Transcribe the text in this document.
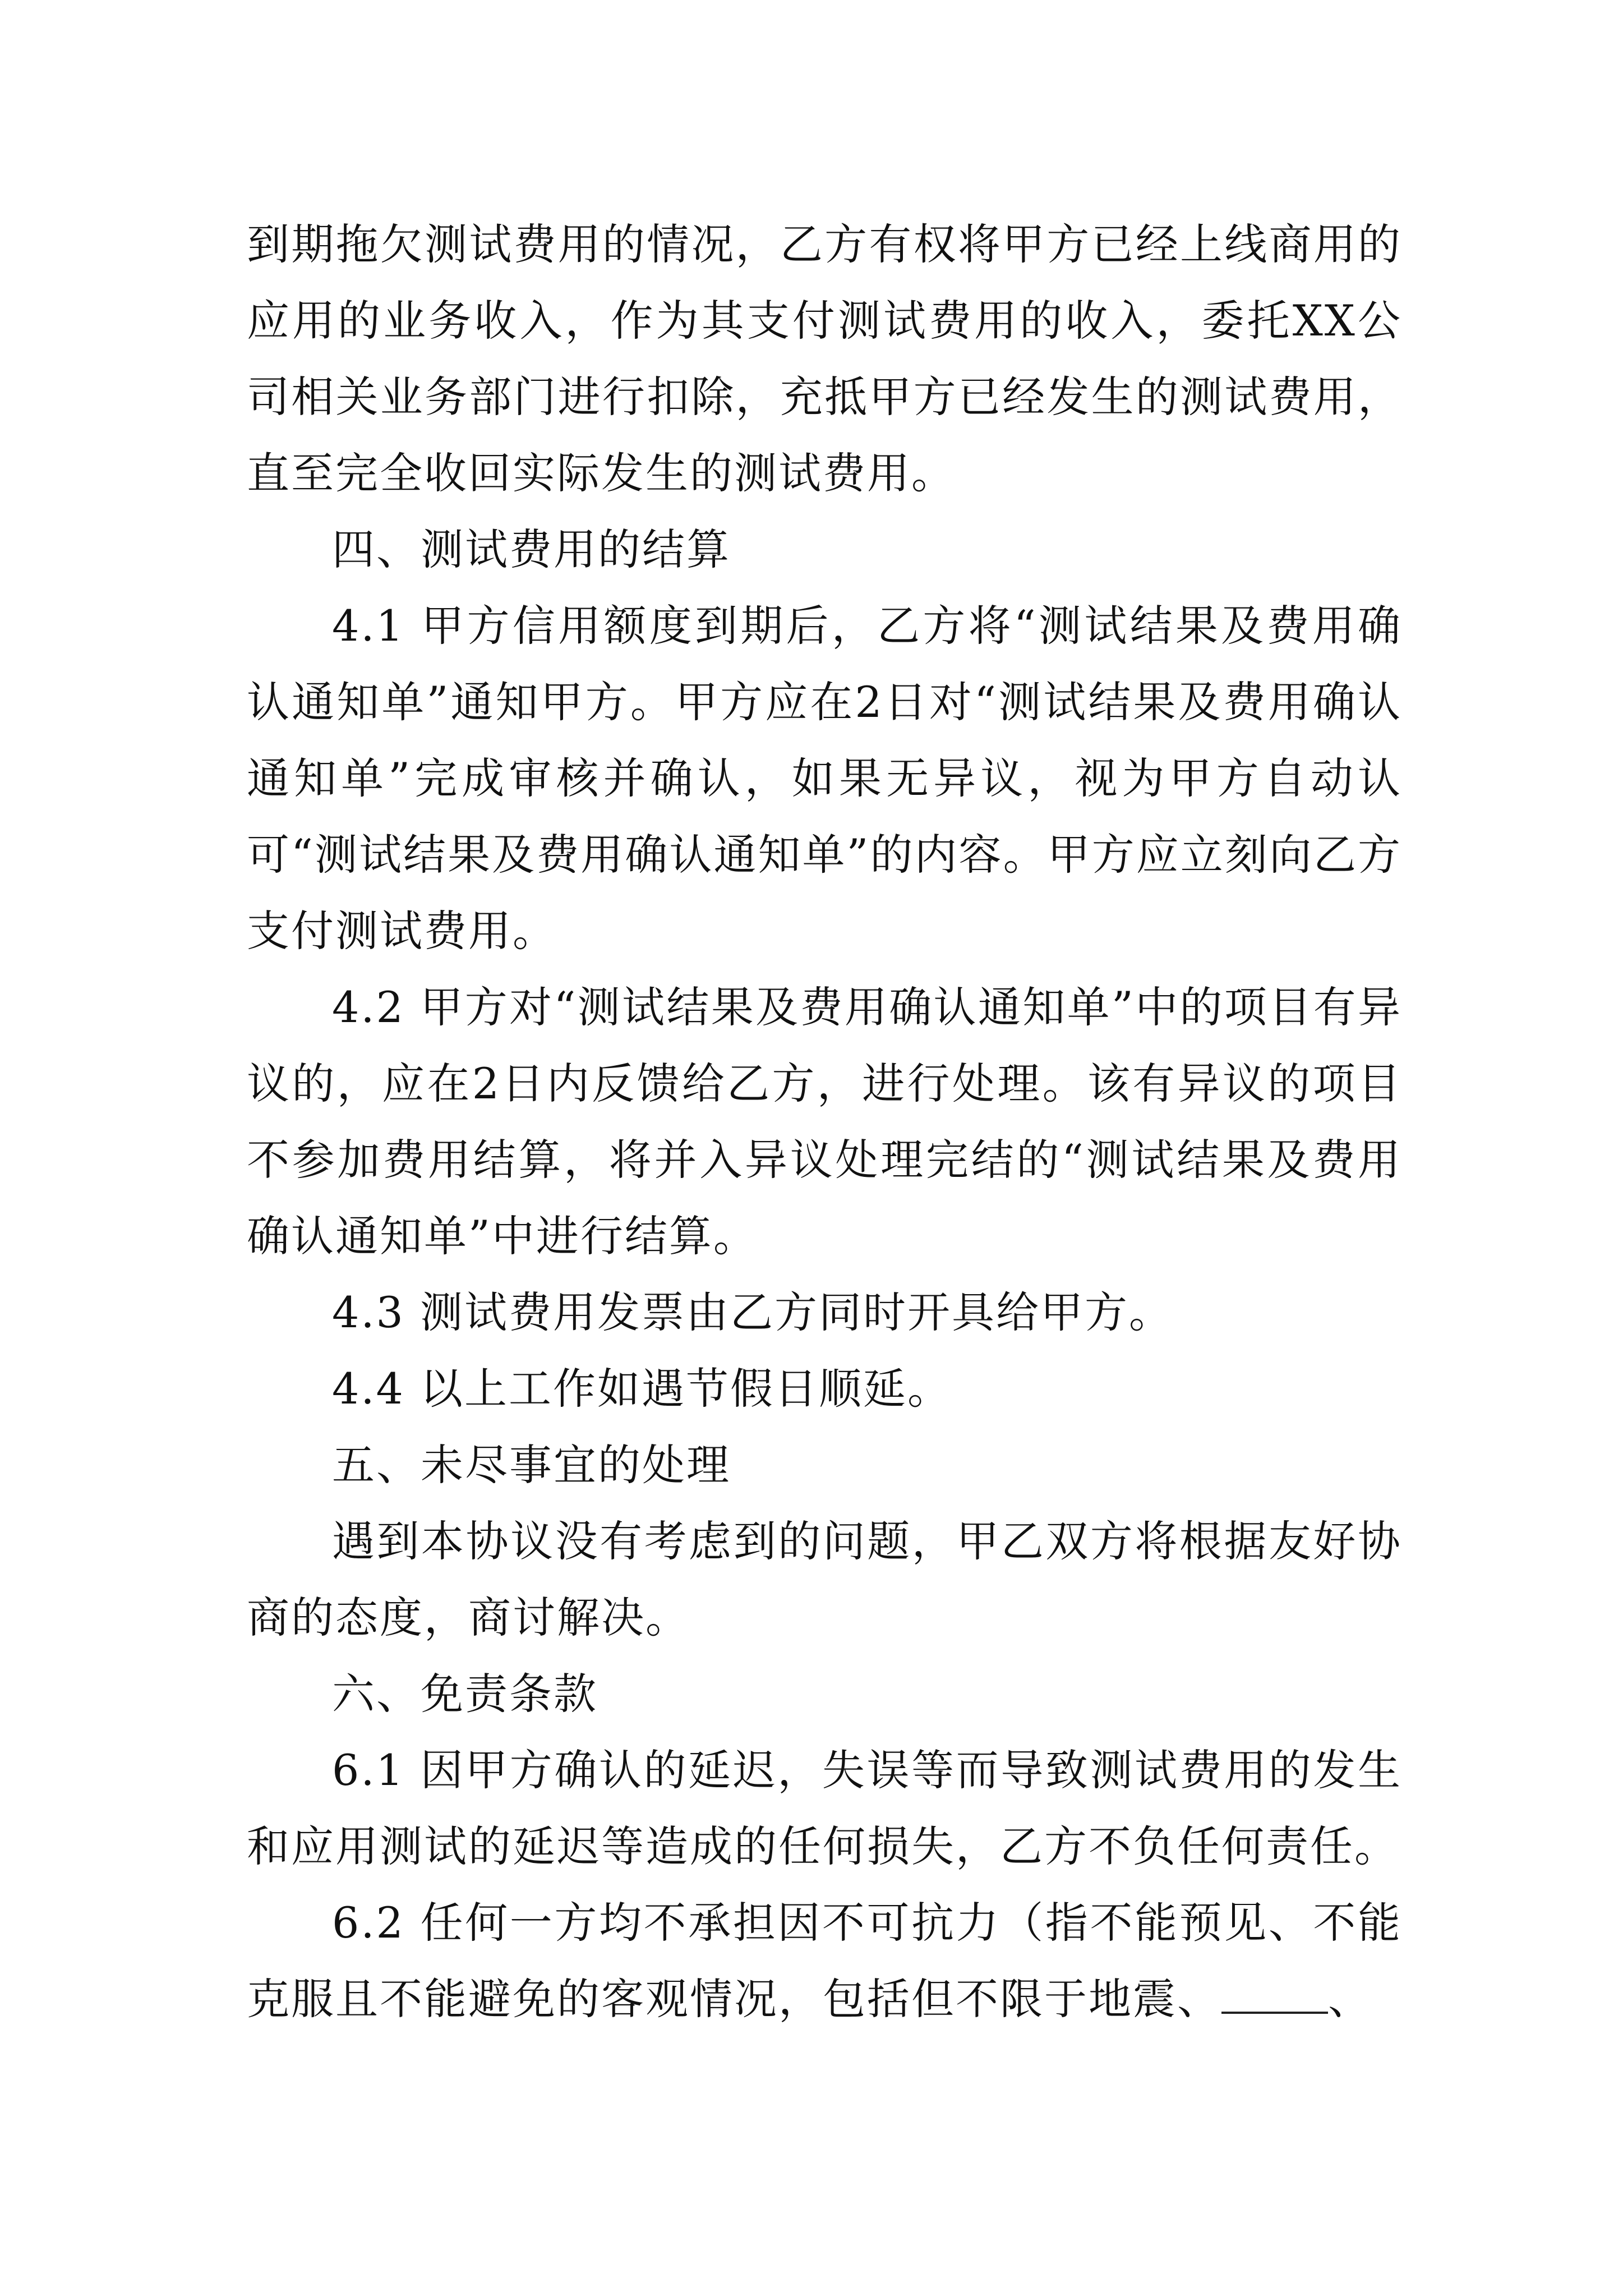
到期拖欠测试费用的情况，乙方有权将甲方已经上线商用的应用的业务收入，作为其支付测试费用的收入，委托XX公司相关业务部门进行扣除，充抵甲方已经发生的测试费用，直至完全收回实际发生的测试费用。

四、测试费用的结算

4.1 甲方信用额度到期后，乙方将“测试结果及费用确认通知单”通知甲方。甲方应在2日对“测试结果及费用确认通知单”完成审核并确认，如果无异议，视为甲方自动认可“测试结果及费用确认通知单”的内容。甲方应立刻向乙方支付测试费用。

4.2 甲方对“测试结果及费用确认通知单”中的项目有异议的，应在2日内反馈给乙方，进行处理。该有异议的项目不参加费用结算，将并入异议处理完结的“测试结果及费用确认通知单”中进行结算。

4.3 测试费用发票由乙方同时开具给甲方。

4.4 以上工作如遇节假日顺延。

五、未尽事宜的处理

遇到本协议没有考虑到的问题，甲乙双方将根据友好协商的态度，商讨解决。

六、免责条款

6.1 因甲方确认的延迟，失误等而导致测试费用的发生和应用测试的延迟等造成的任何损失，乙方不负任何责任。

6.2 任何一方均不承担因不可抗力（指不能预见、不能克服且不能避免的客观情况，包括但不限于地震、	、
